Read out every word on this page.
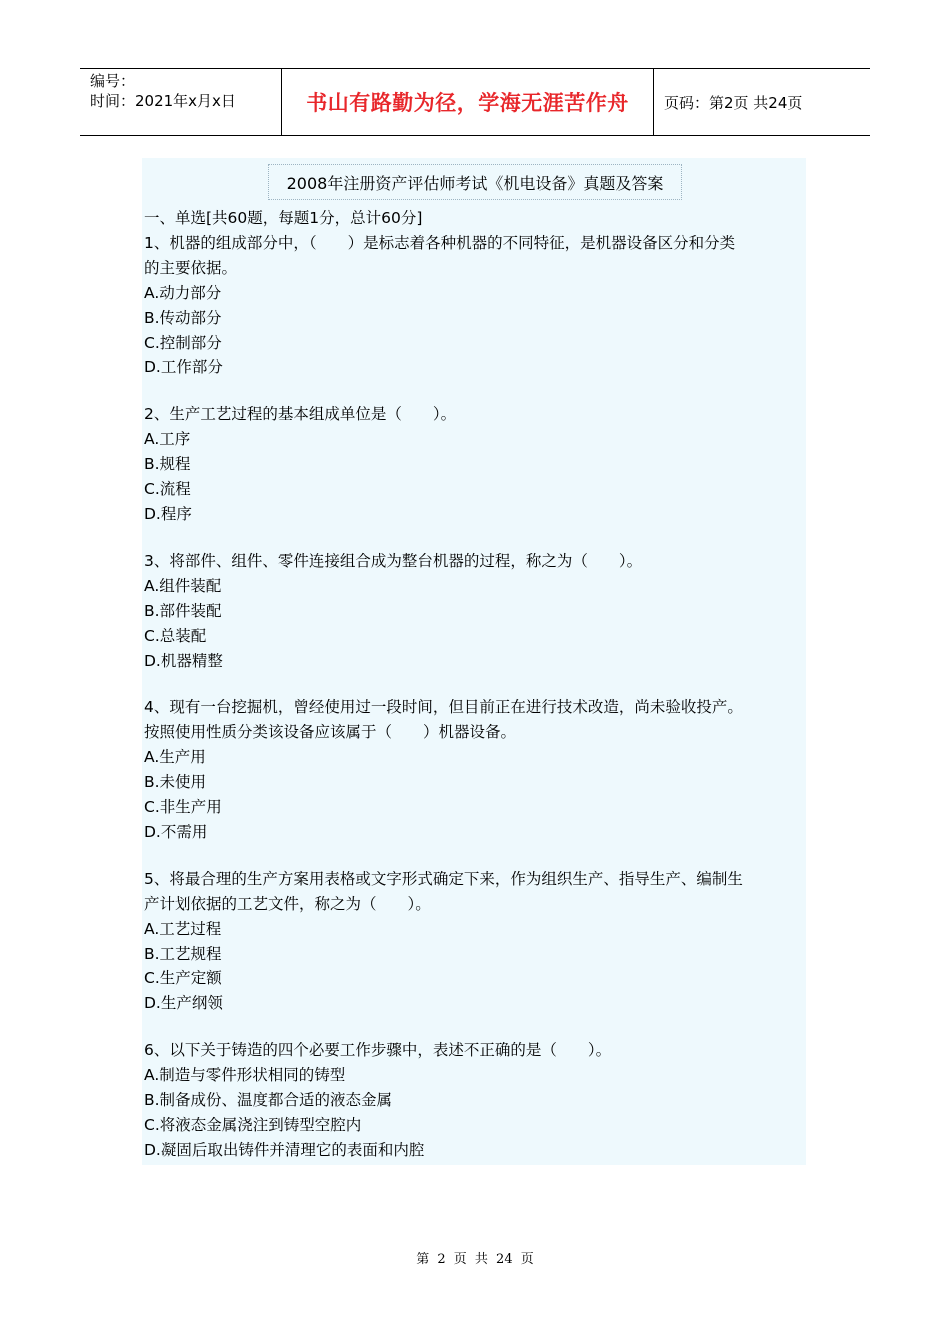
编号：
时间：2021年x月x日	书山有路勤为径，学海无涯苦作舟	页码：第2页 共24页
2008年注册资产评估师考试《机电设备》真题及答案

一、单选[共60题，每题1分，总计60分]

1、机器的组成部分中，（　　）是标志着各种机器的不同特征，是机器设备区分和分类

的主要依据。

A.动力部分

B.传动部分

C.控制部分

D.工作部分

2、生产工艺过程的基本组成单位是（　　）。

A.工序

B.规程

C.流程

D.程序

3、将部件、组件、零件连接组合成为整台机器的过程，称之为（　　）。

A.组件装配

B.部件装配

C.总装配

D.机器精整

4、现有一台挖掘机，曾经使用过一段时间，但目前正在进行技术改造，尚未验收投产。

按照使用性质分类该设备应该属于（　　）机器设备。

A.生产用

B.未使用

C.非生产用

D.不需用

5、将最合理的生产方案用表格或文字形式确定下来，作为组织生产、指导生产、编制生

产计划依据的工艺文件，称之为（　　）。

A.工艺过程

B.工艺规程

C.生产定额

D.生产纲领

6、以下关于铸造的四个必要工作步骤中，表述不正确的是（　　）。

A.制造与零件形状相同的铸型

B.制备成份、温度都合适的液态金属

C.将液态金属浇注到铸型空腔内

D.凝固后取出铸件并清理它的表面和内腔

第 2 页 共 24 页
